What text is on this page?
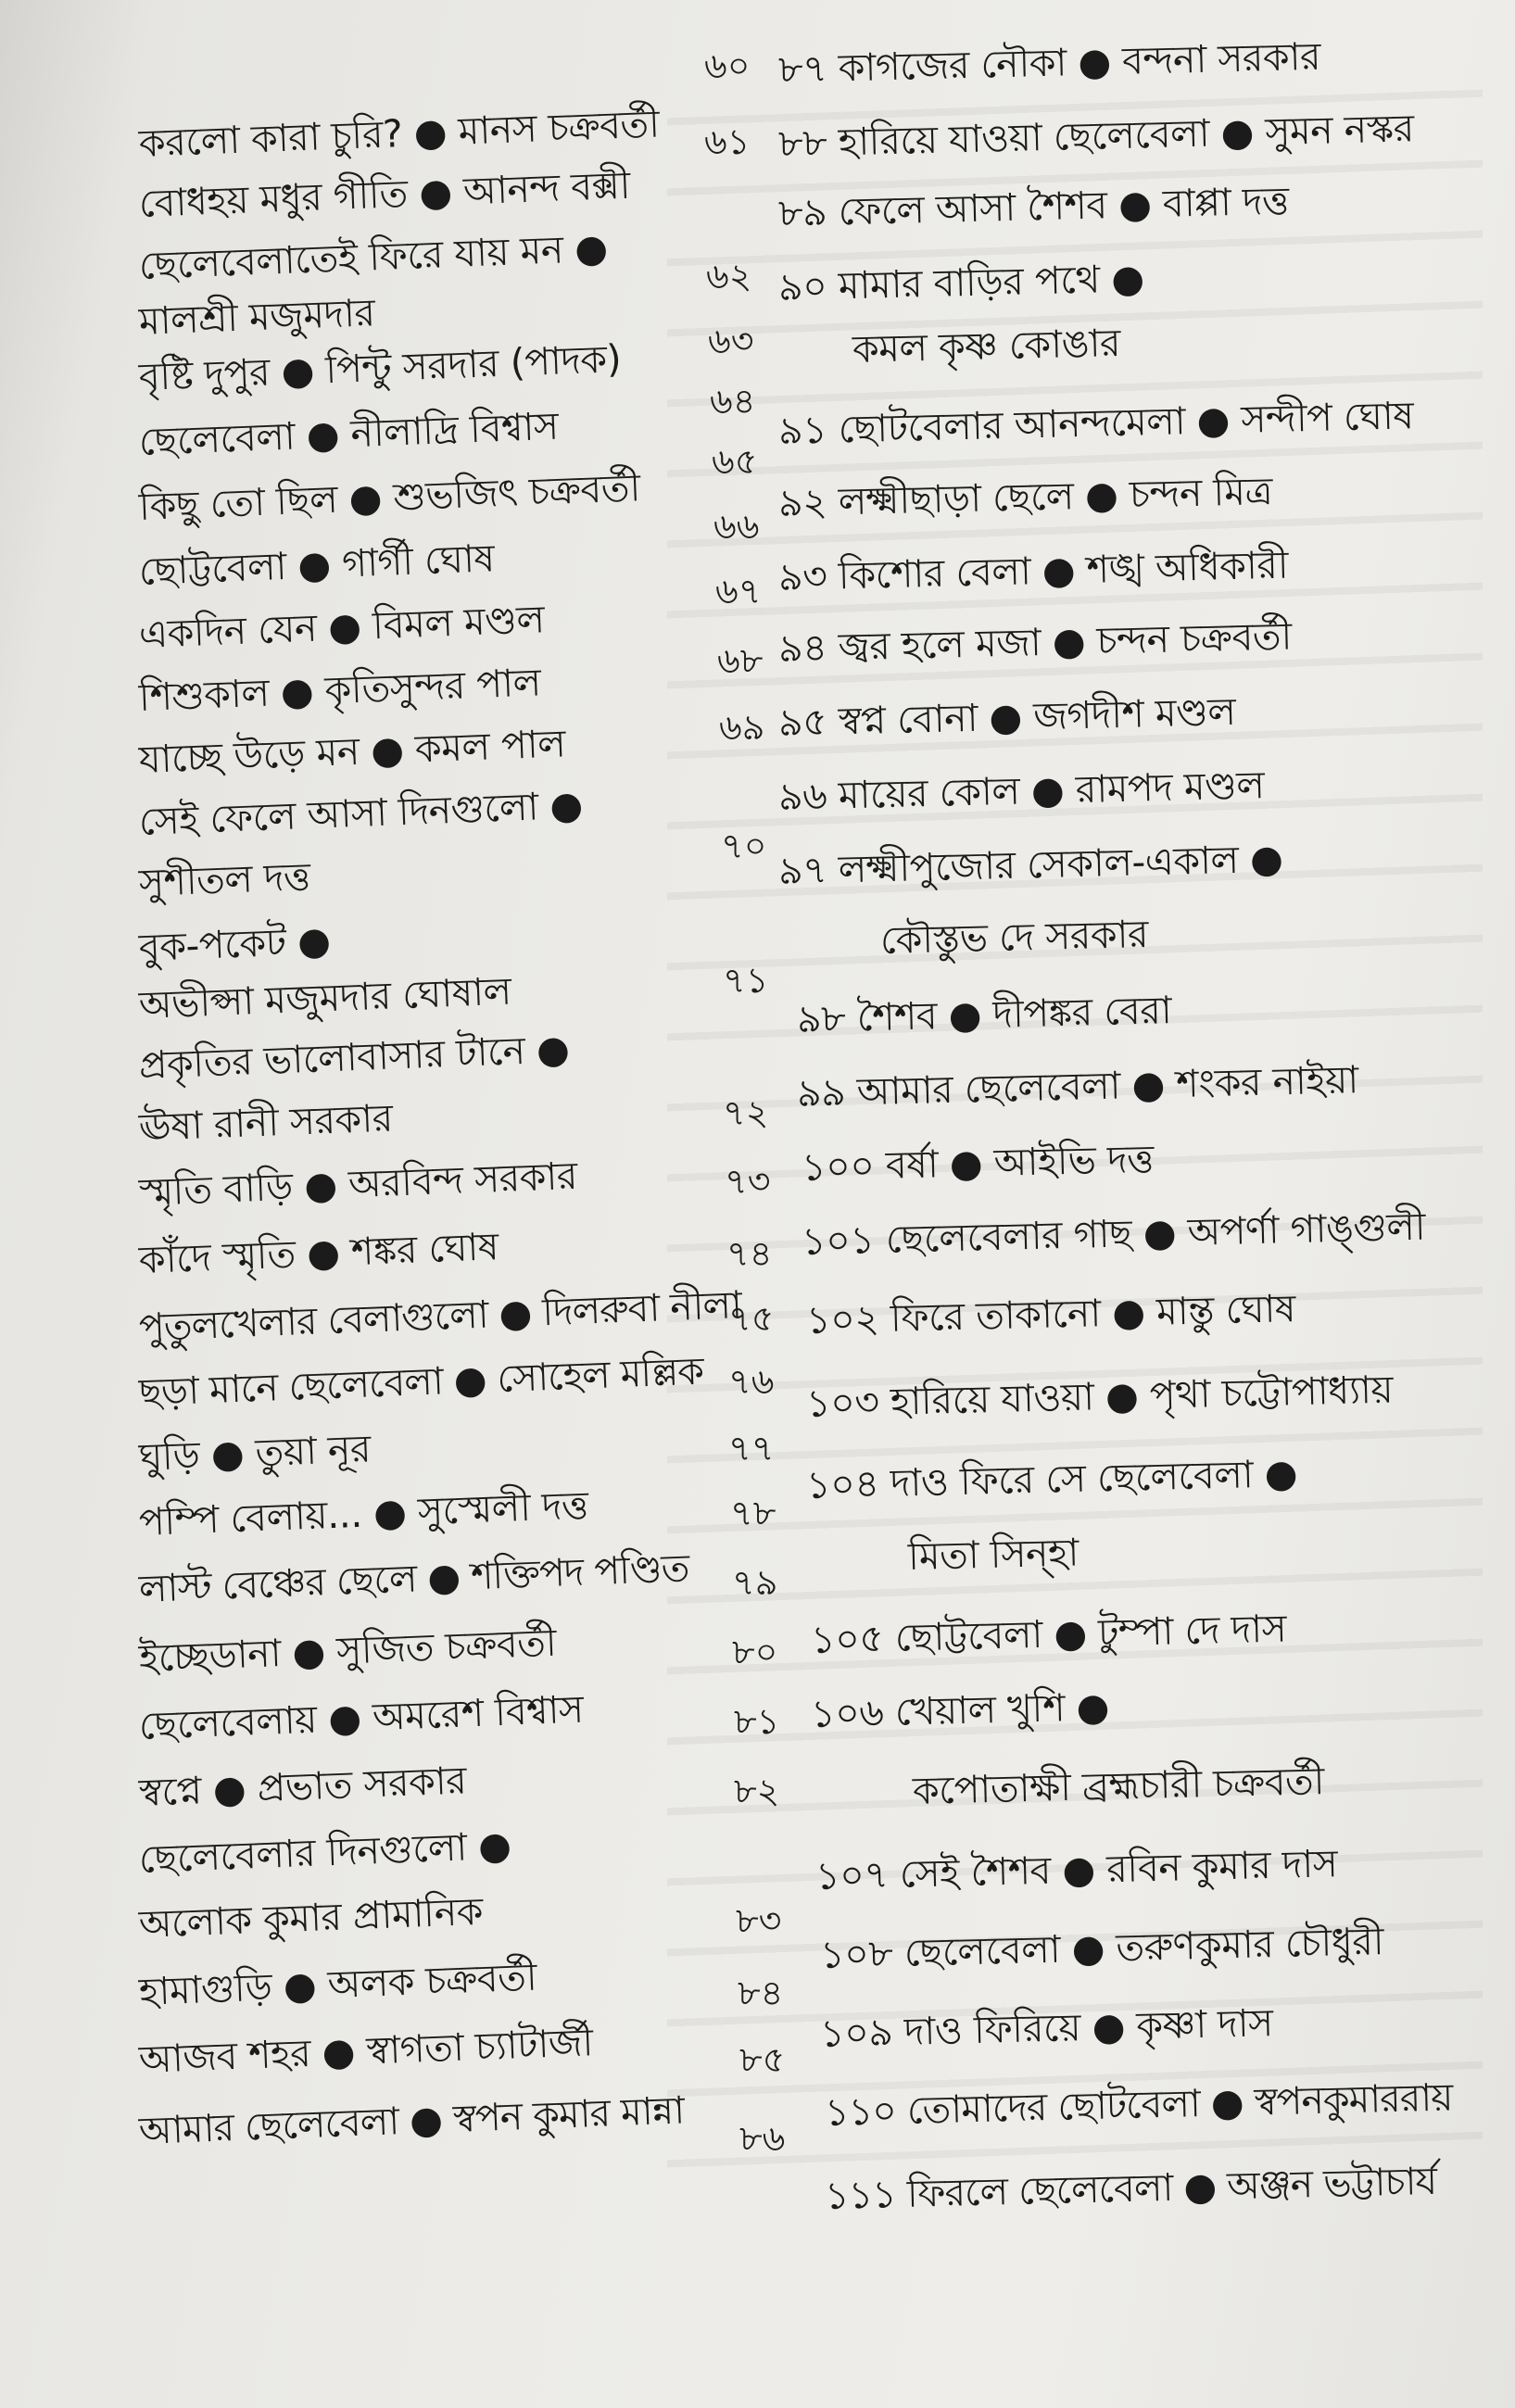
৬০
৬১
৬২
৬৩
৬৪
৬৫
৬৬
৬৭
৬৮
৬৯
৭০
৭১
৭২
৭৩
৭৪
৭৫
৭৬
৭৭
৭৮
৭৯
৮০
৮১
৮২
৮৩
৮৪
৮৫
৮৬
করলো কারা চুরি? ● মানস চক্রবর্তী
বোধহয় মধুর গীতি ● আনন্দ বক্সী
ছেলেবেলাতেই ফিরে যায় মন ●
মালশ্রী মজুমদার
বৃষ্টি দুপুর ● পিন্টু সরদার (পাদক)
ছেলেবেলা ● নীলাদ্রি বিশ্বাস
কিছু তো ছিল ● শুভজিৎ চক্রবর্তী
ছোট্টবেলা ● গার্গী ঘোষ
একদিন যেন ● বিমল মণ্ডল
শিশুকাল ● কৃতিসুন্দর পাল
যাচ্ছে উড়ে মন ● কমল পাল
সেই ফেলে আসা দিনগুলো ●
সুশীতল দত্ত
বুক-পকেট ●
অভীপ্সা মজুমদার ঘোষাল
প্রকৃতির ভালোবাসার টানে ●
ঊষা রানী সরকার
স্মৃতি বাড়ি ● অরবিন্দ সরকার
কাঁদে স্মৃতি ● শঙ্কর ঘোষ
পুতুলখেলার বেলাগুলো ● দিলরুবা নীলা
ছড়া মানে ছেলেবেলা ● সোহেল মল্লিক
ঘুড়ি ● তুয়া নূর
পম্পি বেলায়... ● সুস্মেলী দত্ত
লাস্ট বেঞ্চের ছেলে ● শক্তিপদ পণ্ডিত
ইচ্ছেডানা ● সুজিত চক্রবর্তী
ছেলেবেলায় ● অমরেশ বিশ্বাস
স্বপ্নে ● প্রভাত সরকার
ছেলেবেলার দিনগুলো ●
অলোক কুমার প্রামানিক
হামাগুড়ি ● অলক চক্রবর্তী
আজব শহর ● স্বাগতা চ্যাটার্জী
আমার ছেলেবেলা ● স্বপন কুমার মান্না
৮৭ কাগজের নৌকা ● বন্দনা সরকার
৮৮ হারিয়ে যাওয়া ছেলেবেলা ● সুমন নস্কর
৮৯ ফেলে আসা শৈশব ● বাপ্পা দত্ত
৯০ মামার বাড়ির পথে ●
কমল কৃষ্ণ কোঙার
৯১ ছোটবেলার আনন্দমেলা ● সন্দীপ ঘোষ
৯২ লক্ষ্মীছাড়া ছেলে ● চন্দন মিত্র
৯৩ কিশোর বেলা ● শঙ্খ অধিকারী
৯৪ জ্বর হলে মজা ● চন্দন চক্রবর্তী
৯৫ স্বপ্ন বোনা ● জগদীশ মণ্ডল
৯৬ মায়ের কোল ● রামপদ মণ্ডল
৯৭ লক্ষ্মীপুজোর সেকাল-একাল ●
কৌস্তুভ দে সরকার
৯৮ শৈশব ● দীপঙ্কর বেরা
৯৯ আমার ছেলেবেলা ● শংকর নাইয়া
১০০ বর্ষা ● আইভি দত্ত
১০১ ছেলেবেলার গাছ ● অপর্ণা গাঙ্গুলী
১০২ ফিরে তাকানো ● মান্তু ঘোষ
১০৩ হারিয়ে যাওয়া ● পৃথা চট্টোপাধ্যায়
১০৪ দাও ফিরে সে ছেলেবেলা ●
মিতা সিন্‌হা
১০৫ ছোট্টবেলা ● টুম্পা দে দাস
১০৬ খেয়াল খুশি ●
কপোতাক্ষী ব্রহ্মচারী চক্রবর্তী
১০৭ সেই শৈশব ● রবিন কুমার দাস
১০৮ ছেলেবেলা ● তরুণকুমার চৌধুরী
১০৯ দাও ফিরিয়ে ● কৃষ্ণা দাস
১১০ তোমাদের ছোটবেলা ● স্বপনকুমাররায়
১১১ ফিরলে ছেলেবেলা ● অঞ্জন ভট্টাচার্য
